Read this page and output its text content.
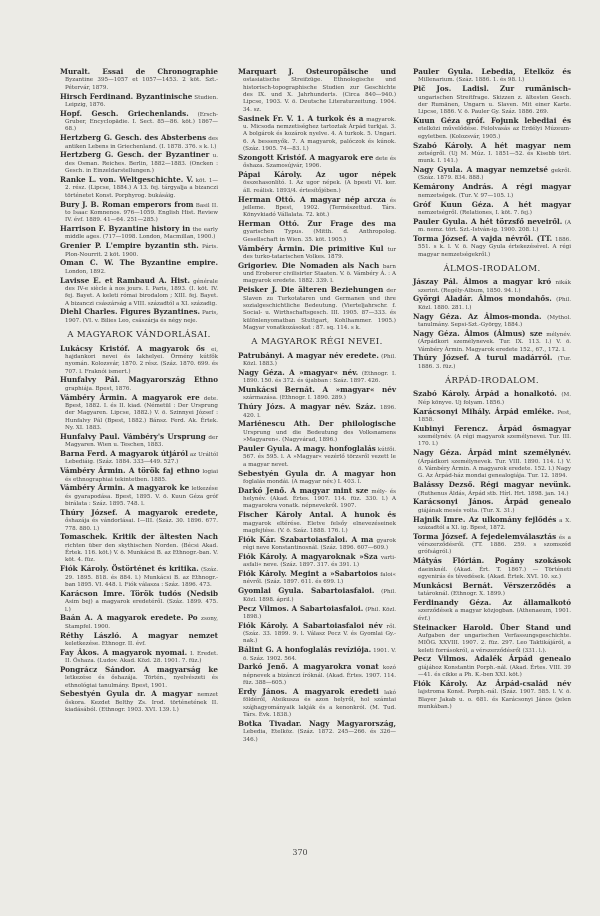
Muralt. Essai de Chronographie Byzantine 395—1057 et 1057—1453. 2 köt. Szt.-Pétervár, 1879.
Hirsch Ferdinand. Byzantinische Studien. Leipzig, 1876.
Hopf. Gesch. Griechenlands. (Ersch-Gruber, Encyclopädie. I. Sect. 85—86. köt.) 1867—68.)
Hertzberg G. Gesch. des Absterbens des antiken Lebens in Griechenland. (I. 1878. 376. s k. l.)
Hertzberg G. Gesch. der Byzantiner u. des Osman. Reiches. Berlin, 1882—1883. (Oncken : Gesch. in Einzeldarstellungen.)
Ranke L. von. Weltgeschichte. V. köt. 1—2. rész. (Lipcse, 1884.) A 13. fej. tárgyalja a bizanczi történetet Konst. Porphyrog. bukásáig.
Bury J. B. Roman emperors from Basil II. to Isaac Komnenos. 976—1059. English Hist. Review IV. évf. 1889. 41—64. 251—285.)
Harrison F. Byzantine history in the early middle ages. (717—1098. London, Macmillan, 1900.)
Grenier P. L'empire byzantin sth. Páris. Plon-Nourrit. 2 köt. 1900.
Oman C. W. The Byzantine empire. London, 1892.
Lavisse E. et Rambaud A. Hist. générale des IV-e siècle à nos jours. I. Paris, 1893. (I. köt. IV. fej. Bayet. A keleti római birodalom ; XIII. fej. Bayet. A bizanczi császárság a VIII. századtól a XI. századig.
Diehl Charles. Figures Byzantines. Paris, 1907. (VI. v. Bilies Leo, császárja és négy neje.
A MAGYAROK VÁNDORLÁSAI.
Lukácsy Kristóf. A magyarok ős ei, hajdankori nevei és lakhelyei. Örmény kútfők nyomán. Kolozsvár, 1870. 2 rész. (Száz. 1870. 699. és 707. l. Fraknói ismert.)
Hunfalvy Pál. Magyarország Ethno graphiája. Bpest, 1876.
Vámbéry Ármin. A magyarok ere dete. Bpest, 1882. I. és II. kiad. (Németül : Der Ursprung der Magyaren. Lipcse, 1882.) V. ö. Szinnyei József : Hunfalvy Pál (Bpest, 1882.) Bánsz. Ferd. Ak. Értek. Ny. XI. 1883.
Hunfalvy Paul. Vámbéry's Ursprung der Magyaren. Wien u. Teschen, 1883.
Barna Ferd. A magyarok útjáról az Uráltól Lebediáig. (Száz. 1884. 333—449. 527.)
Vámbéry Ármin. A török faj ethno logiai és ethnographiai tekintetben. 1885.
Vámbéry Ármin. A magyarok ke letkezése és gyarapodása. Bpest, 1895. V. ö. Kuun Géza gróf birálata : Száz. 1895. 748. l.
Thúry József. A magyarok eredete, őshazája és vándorlásai. I—III. (Száz. 30. 1896. 677. 778. 880. l.)
Tomaschek. Kritik der ältesten Nach richten über den skythischen Norden. (Bécsi Akad. Értek. 116. köt.) V. ö. Munkácsi B. az Ethnogr.-ban. V. köt. 4. füz.
Fiók Károly. Östörténet és kritika. (Száz. 29. 1895. 818. és 884. l.) Munkácsi B. az Ethnogr.-ban 1895. VI. 448. l. Fiók válasza : Száz. 1896. 473.
Karácson Imre. Török tudós (Nedsib Asim bej) a magyarok eredetéről. (Száz. 1899. 475. l.)
Baán A. A magyarok eredete. Po zsony, Stampfel. 1900.
Réthy László. A magyar nemzet keletkezése. Ethnogr. II. évf.
Fay Ákos. A magyarok nyomai. I. Eredet. II. Őshaza. (Ludov. Akad. Közl. 28. 1901. 7. füz.)
Pongrácz Sándor. A magyarság ke letkezése és őshazája. Történ., nyelvészeti és ethnológiai tanulmány. Bpest, 1901.
Sebestyén Gyula dr. A magyar nemzet őskora. Kezdet Belthy Zs. Irod. történetének II. kiadásából. (Ethnogr. 1903. XVI. 139. l.)
Marquart J. Osteuropäische und ostasiatische Streifzüge. Ethnologische und historisch-topographische Studien zur Geschichte des IX. und X. Jahrhunderts. (Circa 840—940.) Lipcse, 1903. V. ö. Deutsche Literaturzeitung. 1904. 34. sz.
Sasinek Fr. V. 1. A turkok és a magyarok. u. Micsoda nemzetiséghez tartoztak Árpád turkjai. 3. A bolgárok és kozárok nyelve. 4. A turkok. 5. Ungari. 6. A bessenyők. 7. A magyarok, palóczok és kúnok. (Száz. 1905. 74—83. l.)
Szongott Kristóf. A magyarok ere dete és őshaza. Szamosújvár, 1906.
Pápai Károly. Az ugor népek összehasonlító. I. Az ugor népek. (A bpesti VI. ker. áll. reálisk. 1893/4. értesítőjében.)
Herman Ottó. A magyar nép arcza és jelleme. Bpest, 1902. (Természettud. Társ. Könyvkiadó Vállalata. 72. köt.)
Herman Ottó. Zur Frage des ma gyarischen Typus. (Mitth. d. Anthropolog. Gesellschaft in Wien. 35. köt. 1905.)
Vámbéry Ármin. Die primitive Kul tur des turko-tatarischen Volkes. 1879.
Grigoriev. Die Nomaden als Nach barn und Eroberer civilisirter Staaten. V. ö. Vámbéry Á. : A magyarok eredete. 1882. 339. l.
Peisker J. Die älteren Beziehungen der Slaven zu Turkotataren und Germanen und ihre sozialgeschichtliche Bedeutung. (Vierteljahrschr. f. Social- u. Wirthschaftsgesch. III. 1905. 87—333. és különlenyomatban Stuttgart, Kohlhammer. 1905.) Magyar vonatkozásokat : 87. sq. 114. s k.
A MAGYAROK RÉGI NEVEI.
Patrubányi. A magyar név eredete. (Phil. Közl. 1883.)
Nagy Géza. A »magyar« név. (Ethnogr. I. 1890. 150. és 372. és újabban : Száz. 1897. 426.
Munkácsi Bernát. A »magyar« név származása. (Ethnogr. I. 1890. 289.)
Thúry Józs. A magyar név. Száz. 1896. 420. l.
Mariénescu Ath. Der philologische Ursprung und die Bedeutung des Volksnamens »Magyaren«. (Nagyvárad, 1896.)
Pauler Gyula. A magy. honfoglalás kútfői. 567. és 595. l. A »Magyar« vezérlő törzsről vezett le a magyar nevet.
Sebestyén Gyula dr. A magyar hon foglalás mondái. (A magyar név.) I. 403. l.
Darkó Jenő. A magyar mint sze mély- és helynév. (Akad. Értes. 1907. 114. füz. 330. l.) A magyarokra vonatk. népnevekről. 1907.
Fischer Károly Antal. A hunok és magyarok eltérése. Eletve felsőy elnevezéseinek magfejtése. (V. ö. Száz. 1888. 176. l.)
Fiók Kár. Szabartoiasfaloi. A ma gyarok régi neve Konstantinosnál. (Száz. 1896. 607—609.)
Fiók Károly. A magyaroknak »Sza varti-asfali« neve. (Száz. 1897. 317. és 391. l.)
Fiók Károly. Megint a »Sabartoios faloi« névről. (Száz. 1897. 611. és 699. l.)
Gyomlai Gyula. Sabartoiasfaloi. (Phil. Közl. 1898. ápril.)
Pecz Vilmos. A Sabartoiasfaloi. (Phil. Közl. 1898.)
Fiók Károly. A Sabartoiasfaloi név ről. (Száz. 33. 1899. 9. l. Válasz Pecz V. és Gyomlai Gy.-nak.)
Bálint G. A honfoglalás revíziója. 1901. V. ö. Száz. 1902. 564.
Darkó Jenő. A magyarokra vonat kozó népnevek a bizánczi íróknál. (Akad. Értes. 1907. 114. füz. 388—605.)
Erdy János. A magyarok eredeti lakó földéről, Ateikusza és azon helyről, hol számtai szájhagyományaik lakják és a kenonkról. (M. Tud. Társ. Évk. 1838.)
Botka Tivadar. Nagy Magyarország, Lebedia, Etelköz. (Száz. 1872. 245—266. és 326—346.)
Pauler Gyula. Lebedia, Etelköz és Millenarium. (Száz. 1886. 1. és 98. l.)
Pič Jos. Ladisl. Zur rumänisch- ungarischen Streitfrage. Skizzen z. ältesten Gesch. der Rumänen, Ungarn u. Slaven. Mit einer Karte. Lipcse, 1886. V. ö. Pauler Gy. Száz. 1886. 269.
Kuun Géza gróf. Fojunk lebediai és etelközi művelődése. Felolvasás az Erdélyi Múzeum-egyletben. (Kolozsvár, 1905.)
Szabó Károly. A hét magyar nem zetségről. (Uj M. Múz. I. 1851—52. és Kisebb tört. munk. I. 141.)
Nagy Gyula. A magyar nemzetsé gekről. (Száz. 1879. 834. 888.)
Kemárony András. A régi magyar nemzetségek. (Tur. V. 97—105. l.)
Gróf Kuun Géza. A hét magyar nemzetségről. (Relationes, I. köt. 7. fej.)
Pauler Gyula. A hét törzsfő neveiről. (A m. nemz. tört. Szt.-István-ig. 1900. 208. l.)
Torma József. A vajda névről. (TT. 1886. 551. s k. l. V. ö. Nagy Gyula értekezésével. A régi magyar nemzetségekről.)
ÁLMOS-IRODALOM.
Jászay Pál. Álmos a magyar kró nikák szerint. (Regély-Album, 1850. 94. l.)
Györgi Aladár. Álmos mondahős. (Phil. Közl. 1880. 281. l.)
Nagy Géza. Az Álmos-monda. (Mythol. tanulmány. Sepsi-Szt.-György, 1884.)
Nagy Géza. Álmos (Álmus) sze mélynév. (Árpádkori személynevek. Tur. IX. 113. l.) V. ö. Vámbéry Ármin. Magyarok eredete 152., 67., 172. l.
Thúry József. A turul madárról. (Tur. 1886. 3. füz.)
ÁRPÁD-IRODALOM.
Szabó Károly. Árpád a honalkotó. (M. Nép könyve. Uj folyam. 1856.)
Karácsonyi Mihály. Árpád emléke. Pest, 1858.
Kubinyi Ferencz. Árpád ősmagyar személynév. (A régi magyarok személynevei. Tur. III. 170. l.)
Nagy Géza. Árpád mint személynév. (Árpádkori személynevek. Tur. VIII. 1890. 114. l.) V. ö. Vámbéry Ármin. A magyarok eredete. 152. l.) Nagy G. Az Árpád-ház mondai genealogiája. Tur. 12. 1894.
Balássy Dezső. Régi magyar nevünk. (Ruthenus Áldás, Árpád stb. Hírl. Hrt. 1898. jan. 14.)
Karácsonyi János. Árpád genealo giájának mesés volta. (Tur. X. 31.)
Hajnik Imre. Az ulkomány fejlődés a X. századtól a XI. ig. Bpest, 1872.
Torma József. A fejedelemválasztás és a vérszerződésről. (TT. 1886. 259. s szomszéd grófságról.)
Mátyás Flórián. Pogány szokások daeinknél. (Akad. Ért. T. 1867.) — Történeti egyenirás és tévedések. (Akad. Értek. XVI. 10. sz.)
Munkácsi Bernát. Vérszerződés a tatároknál. (Ethnogr. X. 1899.)
Ferdinandy Géza. Az államalkotó szerződések a magyar közjogban. (Athenaeum, 1901. évf.)
Steinacker Harold. Über Stand und Aufgaben der ungarischen Verfassungsgeschichte. MIÖG. XXVIII. 1907. 2. füz. 297. Leo Taktikájáról, a keleti forrásokról, a vérszerződésről (331. l.).
Pecz Vilmos. Adalék Árpád genealo giájához Konstantin Porph.-nál. (Akad. Értes. VIII. 39—41. és cikke a Ph. K.-ben XXI. köt.)
Fiók Károly. Az Árpád-család név lajstroma Konst. Porph.-nál. (Száz. 1907. 585. l. V. ö. Blayer Jakab u. o. 681. és Karácsonyi János (jelen munkában.)
370
